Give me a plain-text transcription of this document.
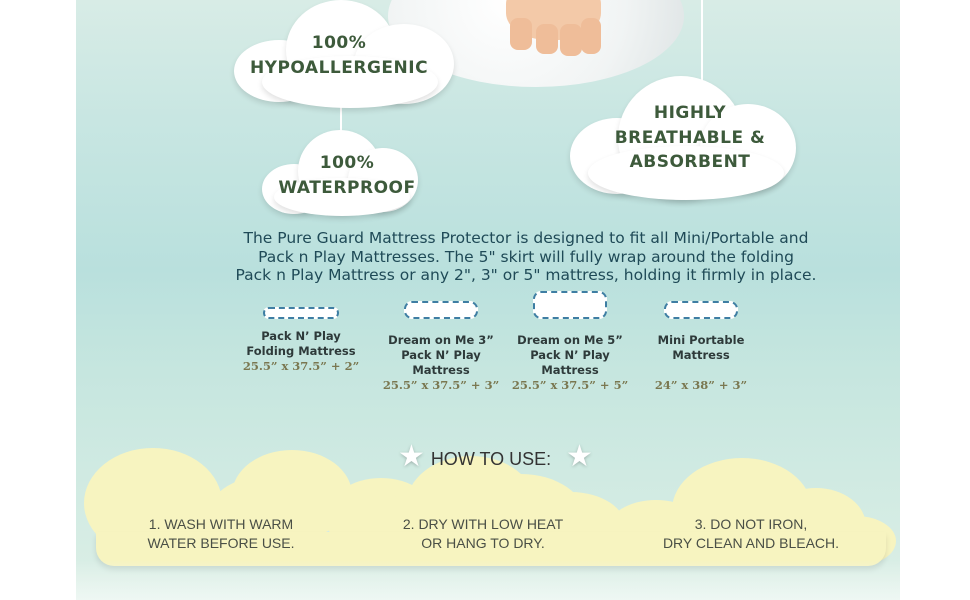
100%
HYPOALLERGENIC
100%
WATERPROOF
HIGHLY
BREATHABLE &
ABSORBENT
The Pure Guard Mattress Protector is designed to fit all Mini/Portable and
Pack n Play Mattresses. The 5" skirt will fully wrap around the folding
Pack n Play Mattress or any 2", 3" or 5" mattress, holding it firmly in place.
Pack N’ Play
Folding Mattress
25.5” x 37.5” + 2”
Dream on Me 3”
Pack N’ Play
Mattress
25.5” x 37.5” + 3”
Dream on Me 5”
Pack N’ Play
Mattress
25.5” x 37.5” + 5”
Mini Portable
Mattress
24” x 38” + 3”
★ HOW TO USE: ★
1. WASH WITH WARM
WATER BEFORE USE.
2. DRY WITH LOW HEAT
OR HANG TO DRY.
3. DO NOT IRON,
DRY CLEAN AND BLEACH.
